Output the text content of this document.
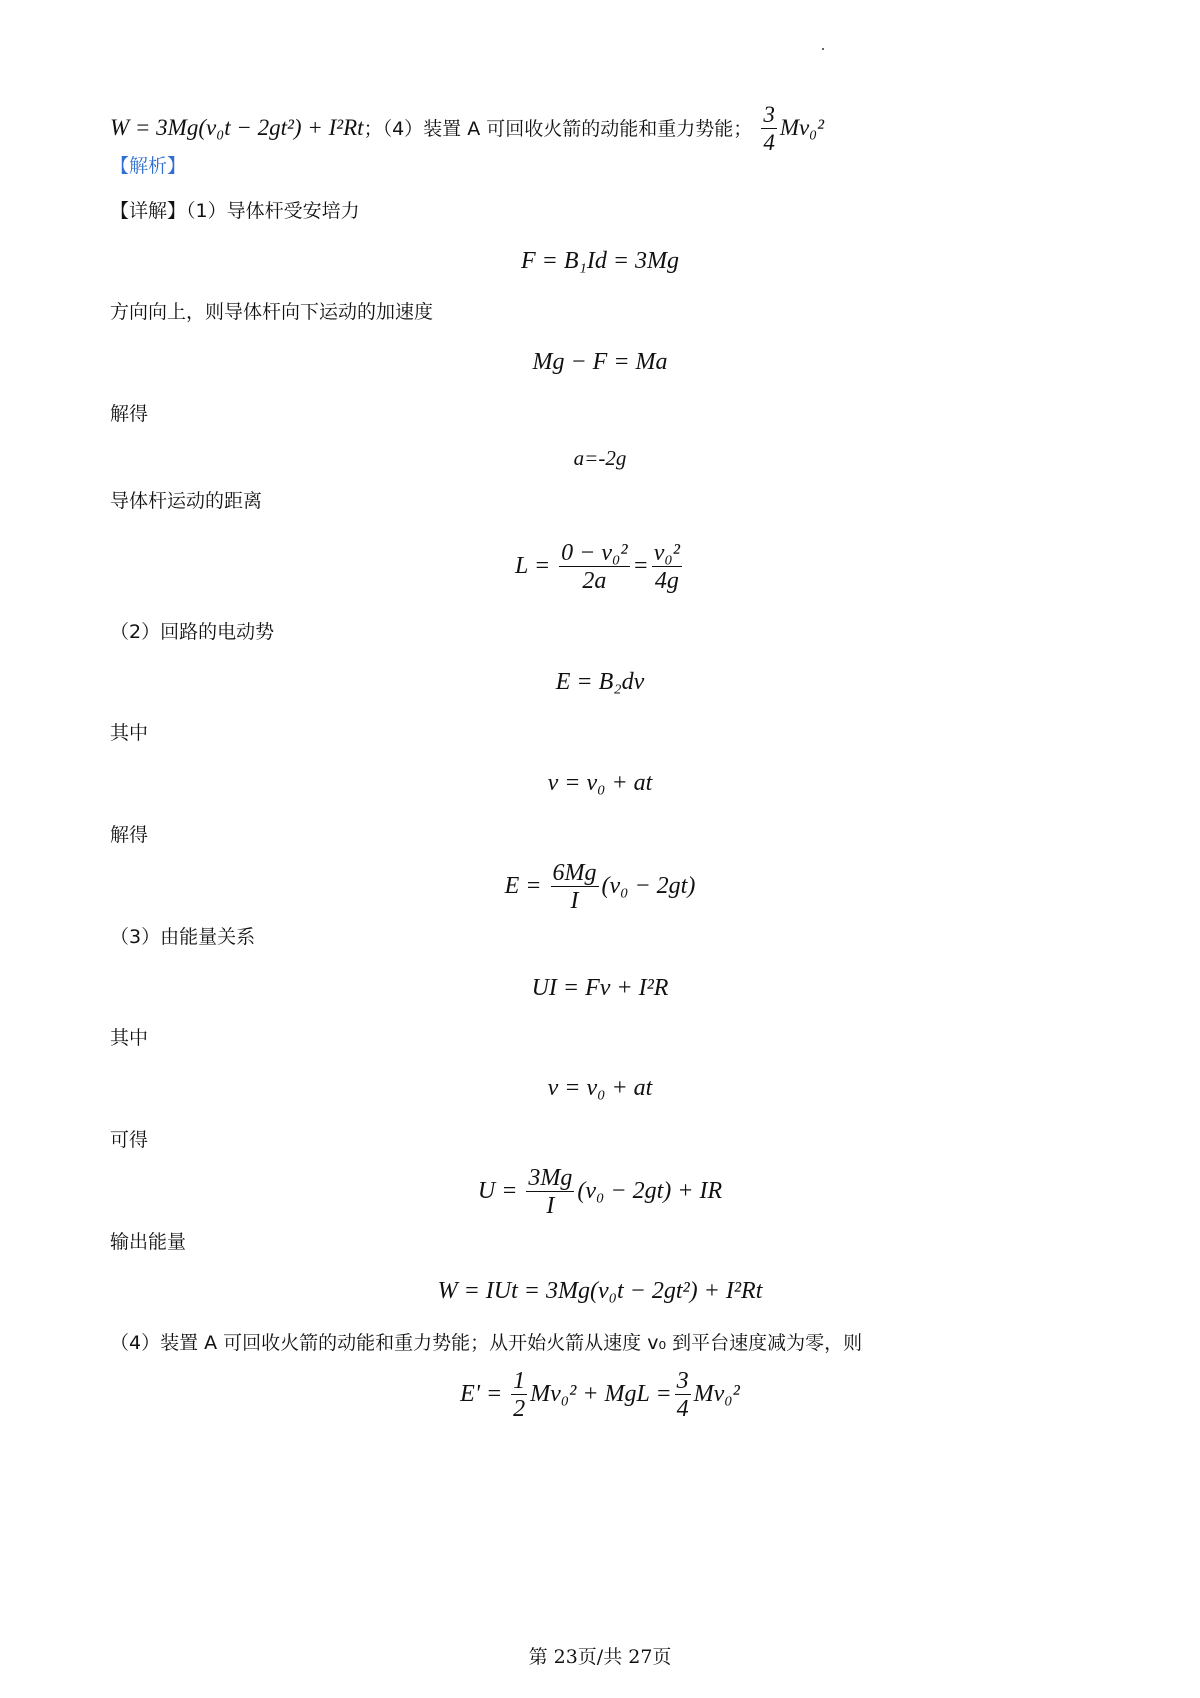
W = 3Mg(v₀t − 2gt²) + I²Rt；（4）装置 A 可回收火箭的动能和重力势能； $\frac{3}{4} Mv_0^2$
【解析】
【详解】（1）导体杆受安培力
F = B₁Id = 3Mg
方向向上，则导体杆向下运动的加速度
Mg − F = Ma
解得
a=-2g
导体杆运动的距离
$L = \frac{\text{0 − v₀²}}{2a} = \frac{\text{v₀²}}{4g}$
（2）回路的电动势
E = B₂dv
其中
v = v₀ + at
解得
$E = \frac{6Mg}{I} (v_0 - 2gt)$
（3）由能量关系
UI = Fv + I²R
其中
v = v₀ + at
可得
$U = \frac{3Mg}{I} (v_0 - 2gt)$ + IR
输出能量
W = IUt = 3Mg(v₀t − 2gt²) + I²Rt
（4）装置 A 可回收火箭的动能和重力势能；从开始火箭从速度 v₀ 到平台速度减为零，则
$E' = \frac{1}{2} Mv_0^2$ + MgL = $\frac{3}{4} Mv_0^2$
第 23页/共 27页
